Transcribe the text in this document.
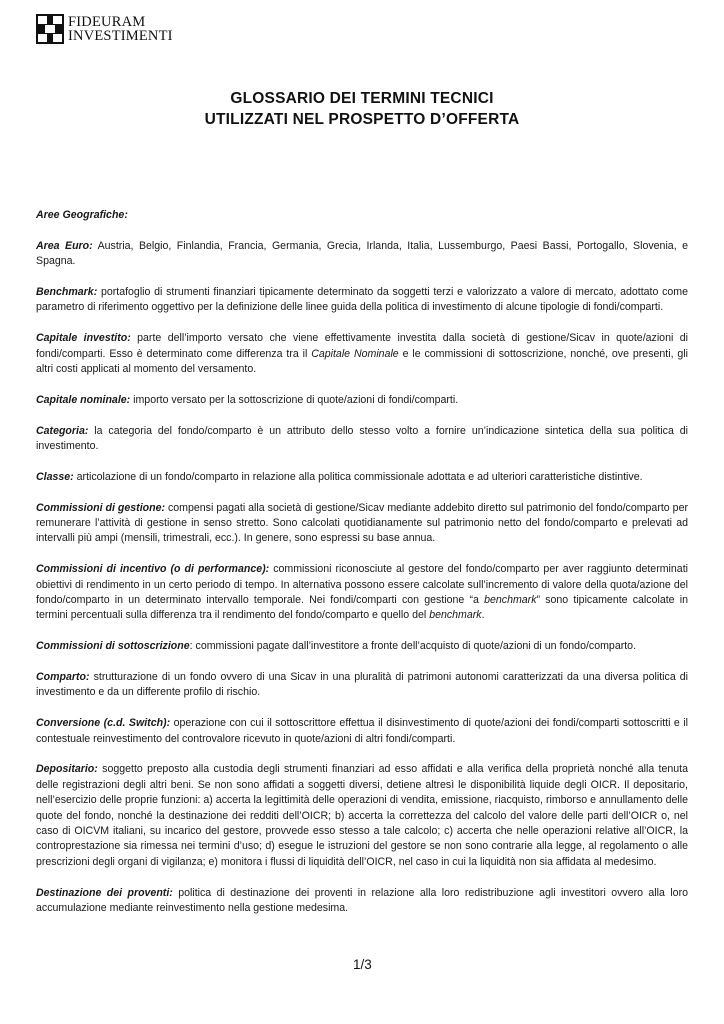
FIDEURAM
INVESTIMENTI
GLOSSARIO DEI TERMINI TECNICI
UTILIZZATI NEL PROSPETTO D’OFFERTA

Aree Geografiche:

Area Euro: Austria, Belgio, Finlandia, Francia, Germania, Grecia, Irlanda, Italia, Lussemburgo, Paesi Bassi, Portogallo, Slovenia, e Spagna.

Benchmark: portafoglio di strumenti finanziari tipicamente determinato da soggetti terzi e valorizzato a valore di mercato, adottato come parametro di riferimento oggettivo per la definizione delle linee guida della politica di investimento di alcune tipologie di fondi/comparti.

Capitale investito: parte dell’importo versato che viene effettivamente investita dalla società di gestione/Sicav in quote/azioni di fondi/comparti. Esso è determinato come differenza tra il Capitale Nominale e le commissioni di sottoscrizione, nonché, ove presenti, gli altri costi applicati al momento del versamento.

Capitale nominale: importo versato per la sottoscrizione di quote/azioni di fondi/comparti.

Categoria: la categoria del fondo/comparto è un attributo dello stesso volto a fornire un’indicazione sintetica della sua politica di investimento.

Classe: articolazione di un fondo/comparto in relazione alla politica commissionale adottata e ad ulteriori caratteristiche distintive.

Commissioni di gestione: compensi pagati alla società di gestione/Sicav mediante addebito diretto sul patrimonio del fondo/comparto per remunerare l’attività di gestione in senso stretto. Sono calcolati quotidianamente sul patrimonio netto del fondo/comparto e prelevati ad intervalli più ampi (mensili, trimestrali, ecc.). In genere, sono espressi su base annua.

Commissioni di incentivo (o di performance): commissioni riconosciute al gestore del fondo/comparto per aver raggiunto determinati obiettivi di rendimento in un certo periodo di tempo. In alternativa possono essere calcolate sull’incremento di valore della quota/azione del fondo/comparto in un determinato intervallo temporale. Nei fondi/comparti con gestione “a benchmark” sono tipicamente calcolate in termini percentuali sulla differenza tra il rendimento del fondo/comparto e quello del benchmark.

Commissioni di sottoscrizione: commissioni pagate dall’investitore a fronte dell’acquisto di quote/azioni di un fondo/comparto.

Comparto: strutturazione di un fondo ovvero di una Sicav in una pluralità di patrimoni autonomi caratterizzati da una diversa politica di investimento e da un differente profilo di rischio.

Conversione (c.d. Switch): operazione con cui il sottoscrittore effettua il disinvestimento di quote/azioni dei fondi/comparti sottoscritti e il contestuale reinvestimento del controvalore ricevuto in quote/azioni di altri fondi/comparti.

Depositario: soggetto preposto alla custodia degli strumenti finanziari ad esso affidati e alla verifica della proprietà nonché alla tenuta delle registrazioni degli altri beni. Se non sono affidati a soggetti diversi, detiene altresì le disponibilità liquide degli OICR. Il depositario, nell’esercizio delle proprie funzioni: a) accerta la legittimità delle operazioni di vendita, emissione, riacquisto, rimborso e annullamento delle quote del fondo, nonché la destinazione dei redditi dell’OICR; b) accerta la correttezza del calcolo del valore delle parti dell’OICR o, nel caso di OICVM italiani, su incarico del gestore, provvede esso stesso a tale calcolo; c) accerta che nelle operazioni relative all’OICR, la controprestazione sia rimessa nei termini d’uso; d) esegue le istruzioni del gestore se non sono contrarie alla legge, al regolamento o alle prescrizioni degli organi di vigilanza; e) monitora i flussi di liquidità dell’OICR, nel caso in cui la liquidità non sia affidata al medesimo.

Destinazione dei proventi: politica di destinazione dei proventi in relazione alla loro redistribuzione agli investitori ovvero alla loro accumulazione mediante reinvestimento nella gestione medesima.

1/3
